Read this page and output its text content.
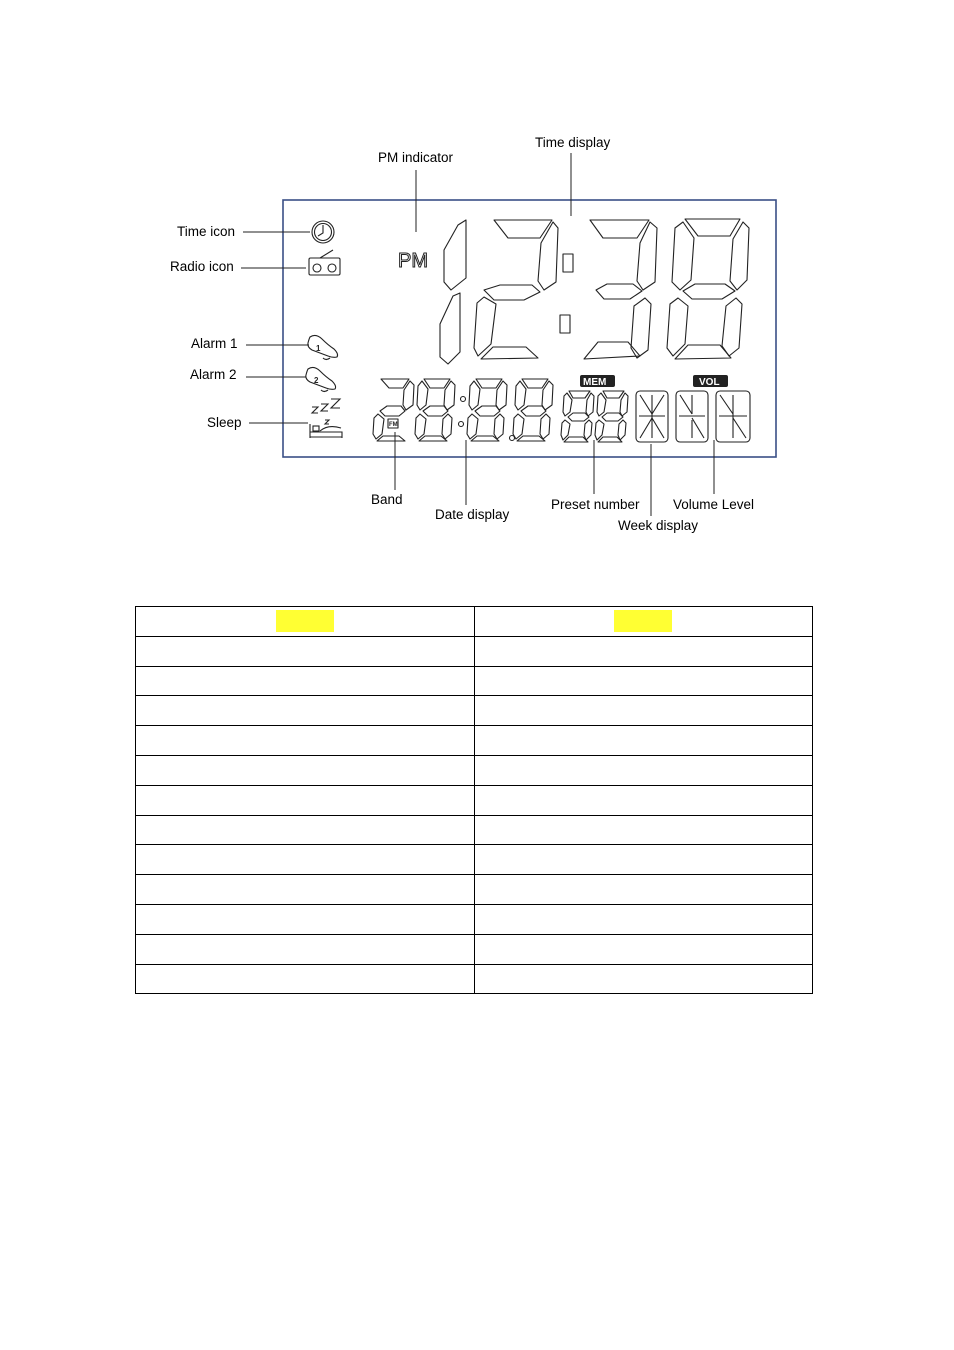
PM indicator
Time display
Time icon
Radio icon
Alarm 1
Alarm 2
Sleep
Band
Date display
Preset number
Week display
Volume Level
1
2
PM
MEM	VOL
FM
